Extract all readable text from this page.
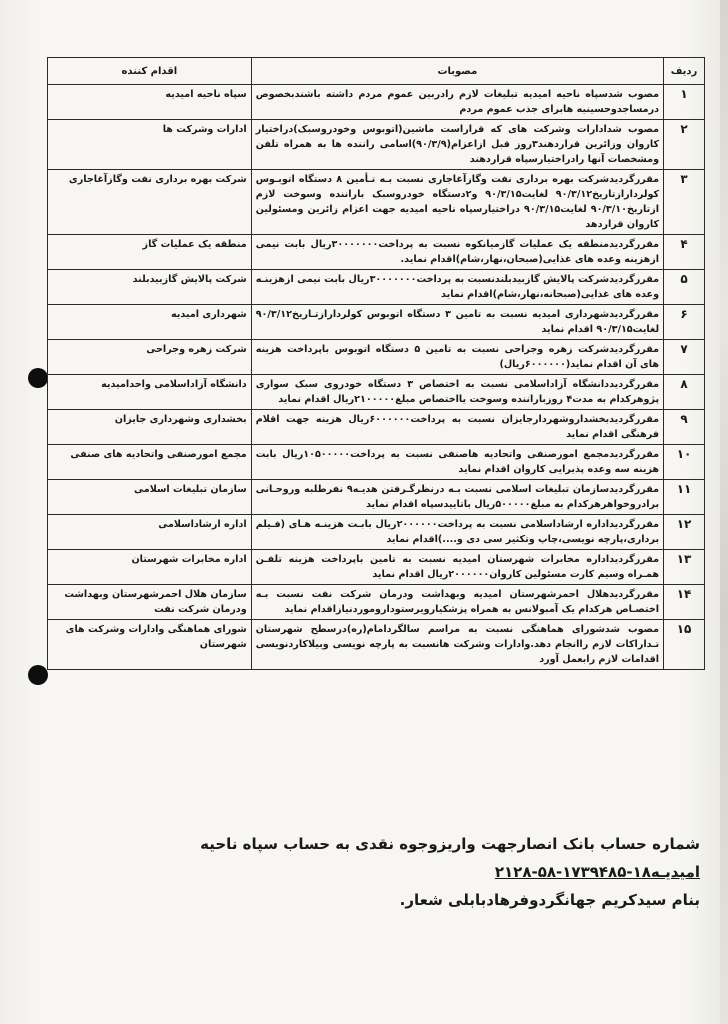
ردیف	مصوبات	اقدام کننده
۱	مصوب شدسپاه ناحیه امیدیه تبلیغات لازم رادربین عموم مردم داشته باشندبخصوص درمساجدوحسینیه هابرای جذب عموم مردم	سپاه ناحیه امیدیه
۲	مصوب شدادارات وشرکت های که قراراست ماشین(اتوبوس وخودروسبک)دراختیار کاروان وزائرین قراردهند۳روز قبل ازاعزام(۹۰/۳/۹)اسامی راننده ها به همراه تلفن ومشخصات آنها رادراختیارسپاه قراردهند	ادارات وشرکت ها
۳	مقررگردیدشرکت بهره برداری نفت وگازآغاجاری نسبت بـه تـأمین ۸ دستگاه اتوبـوس کولردارازتاریخ۹۰/۳/۱۲ لغایت۹۰/۳/۱۵ و۲دستگاه خودروسبک باراننده وسوخت لازم ازتاریخ۹۰/۳/۱۰ لغایت۹۰/۳/۱۵ دراختیارسپاه ناحیه امیدیه جهت اعزام زائرین ومسئولین کاروان قراردهد	شرکت بهره برداری نفت وگازآغاجاری
۴	مقررگردیدمنطقه یک عملیات گازمیانکوه نسبت به پرداخت۳۰۰۰۰۰۰۰ریال بابت نیمی ازهزینه وعده های غذایی(صبحان،نهار،شام)اقدام نماید.	منطقه یک عملیات گاز
۵	مقررگردیدشرکت پالایش گازبیدبلندنسبت به پرداخت۳۰۰۰۰۰۰۰ریال بابت نیمی ازهزینـه وعده های غذایی(صبحانه،نهار،شام)اقدام نماید	شرکت پالایش گازبیدبلند
۶	مقررگردیدشهرداری امیدیه نسبت به تامین ۳ دستگاه اتوبوس کولردارازتـاریخ۹۰/۳/۱۲ لغایت۹۰/۳/۱۵ اقدام نماید	شهرداری امیدیه
۷	مقررگردیدشرکت زهره وجراحی نسبت به تامین ۵ دستگاه اتوبوس باپرداخت هزینه های آن اقدام نماید(۶۰۰۰۰۰۰ریال)	شرکت زهره وجراحی
۸	مقررگردیددانشگاه آزاداسلامی نسبت به اختصاص ۳ دستگاه خودروی سبک سواری پژوهرکدام به مدت۴ روزباراننده وسوخت یااختصاص مبلغ۲۱۰۰۰۰۰ریال اقدام نماید	دانشگاه آزاداسلامی واحدامیدیه
۹	مقررگردیدبخشداروشهردارجایزان نسبت به پرداخت۶۰۰۰۰۰۰ریال هزینه جهت اقلام فرهنگی اقدام نماید	بخشداری وشهرداری جایزان
۱۰	مقررگردیدمجمع امورصنفی واتحادیه هاصنفی نسبت به پرداخت۱۰۵۰۰۰۰۰ریال بابت هزینه سه وعده پذیرایی کاروان اقدام نماید	مجمع امورصنفی واتحادیه های صنفی
۱۱	مقررگردیدسازمان تبلیغات اسلامی نسبت بـه درنظرگـرفتن هدیـه۹ نفرطلبه وروحـانی برادروخواهرهرکدام به مبلغ۵۰۰۰۰۰ریال باتاییدسپاه اقدام نماید	سازمان تبلیغات اسلامی
۱۲	مقررگردیداداره ارشاداسلامی نسبت به پرداخت۲۰۰۰۰۰۰ریال بابـت هزینـه هـای (فـیلم برداری،پارچه نویسی،چاپ وتکثیر سی دی و....)اقدام نماید	اداره ارشاداسلامی
۱۳	مقررگردیداداره مخابرات شهرستان امیدیه نسبت به تامین باپرداخت هزینه تلفـن همـراه وسیم کارت مسئولین کاروان۲۰۰۰۰۰۰ریال اقدام نماید	اداره مخابرات شهرستان
۱۴	مقررگردیدهلال احمرشهرستان امیدیه وبهداشت ودرمان شرکت نفت نسبت بـه اختصـاص هرکدام یک آمبولانس به همراه پزشکیارویرستوداروموردنیازاقدام نماید	سازمان هلال احمرشهرستان وبهداشت ودرمان شرکت نفت
۱۵	مصوب شدشورای هماهنگی نسبت به مراسم سالگردامام(ره)درسطح شهرستان تـداراکات لازم راانجام دهد.وادارات وشرکت هانسبت به پارچه نویسی وبیلاکاردنویسی اقدامات لازم رابعمل آورد	شورای هماهنگی وادارات وشرکت های شهرستان
شماره حساب بانک انصارجهت واریزوجوه نقدی به حساب سپاه ناحیه امیدیـه۱۸-۱۷۳۹۴۸۵-۵۸-۲۱۲۸
بنام سیدکریم جهانگردوفرهادبابلی شعار.
